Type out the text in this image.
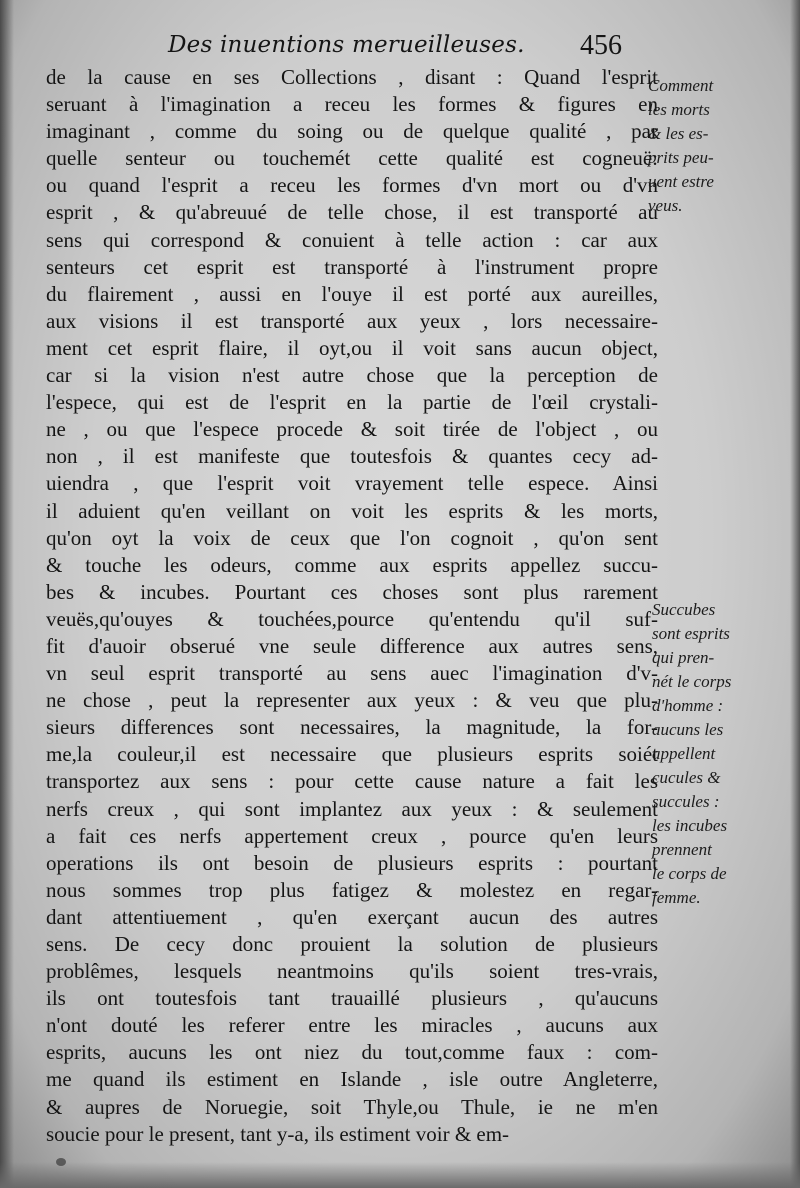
Des inuentions merueilleuses. 456
de la cause en ses Collections , disant : Quand l'esprit
seruant à l'imagination a receu les formes & figures en
imaginant , comme du soing ou de quelque qualité , par
quelle senteur ou touchemét cette qualité est cogneuë:
ou quand l'esprit a receu les formes d'vn mort ou d'vn
esprit , & qu'abreuué de telle chose, il est transporté au
sens qui correspond & conuient à telle action : car aux
senteurs cet esprit est transporté à l'instrument propre
du flairement , aussi en l'ouye il est porté aux aureilles,
aux visions il est transporté aux yeux , lors necessaire-
ment cet esprit flaire, il oyt,ou il voit sans aucun object,
car si la vision n'est autre chose que la perception de
l'espece, qui est de l'esprit en la partie de l'œil crystali-
ne , ou que l'espece procede & soit tirée de l'object , ou
non , il est manifeste que toutesfois & quantes cecy ad-
uiendra , que l'esprit voit vrayement telle espece. Ainsi
il aduient qu'en veillant on voit les esprits & les morts,
qu'on oyt la voix de ceux que l'on cognoit , qu'on sent
& touche les odeurs, comme aux esprits appellez succu-
bes & incubes. Pourtant ces choses sont plus rarement
veuës,qu'ouyes & touchées,pource qu'entendu qu'il suf-
fit d'auoir obserué vne seule difference aux autres sens,
vn seul esprit transporté au sens auec l'imagination d'v-
ne chose , peut la representer aux yeux : & veu que plu-
sieurs differences sont necessaires, la magnitude, la for-
me,la couleur,il est necessaire que plusieurs esprits soiét
transportez aux sens : pour cette cause nature a fait les
nerfs creux , qui sont implantez aux yeux : & seulement
a fait ces nerfs appertement creux , pource qu'en leurs
operations ils ont besoin de plusieurs esprits : pourtant
nous sommes trop plus fatigez & molestez en regar-
dant attentiuement , qu'en exerçant aucun des autres
sens. De cecy donc prouient la solution de plusieurs
problêmes, lesquels neantmoins qu'ils soient tres-vrais,
ils ont toutesfois tant trauaillé plusieurs , qu'aucuns
n'ont douté les referer entre les miracles , aucuns aux
esprits, aucuns les ont niez du tout,comme faux : com-
me quand ils estiment en Islande , isle outre Angleterre,
& aupres de Noruegie, soit Thyle,ou Thule, ie ne m'en
soucie pour le present, tant y-a, ils estiment voir & em-
Comment
les morts
& les es-
prits peu-
uent estre
veus.
Succubes
sont esprits
qui pren-
nét le corps
d'homme :
aucuns les
appellent
cucules &
succules :
les incubes
prennent
le corps de
femme.
